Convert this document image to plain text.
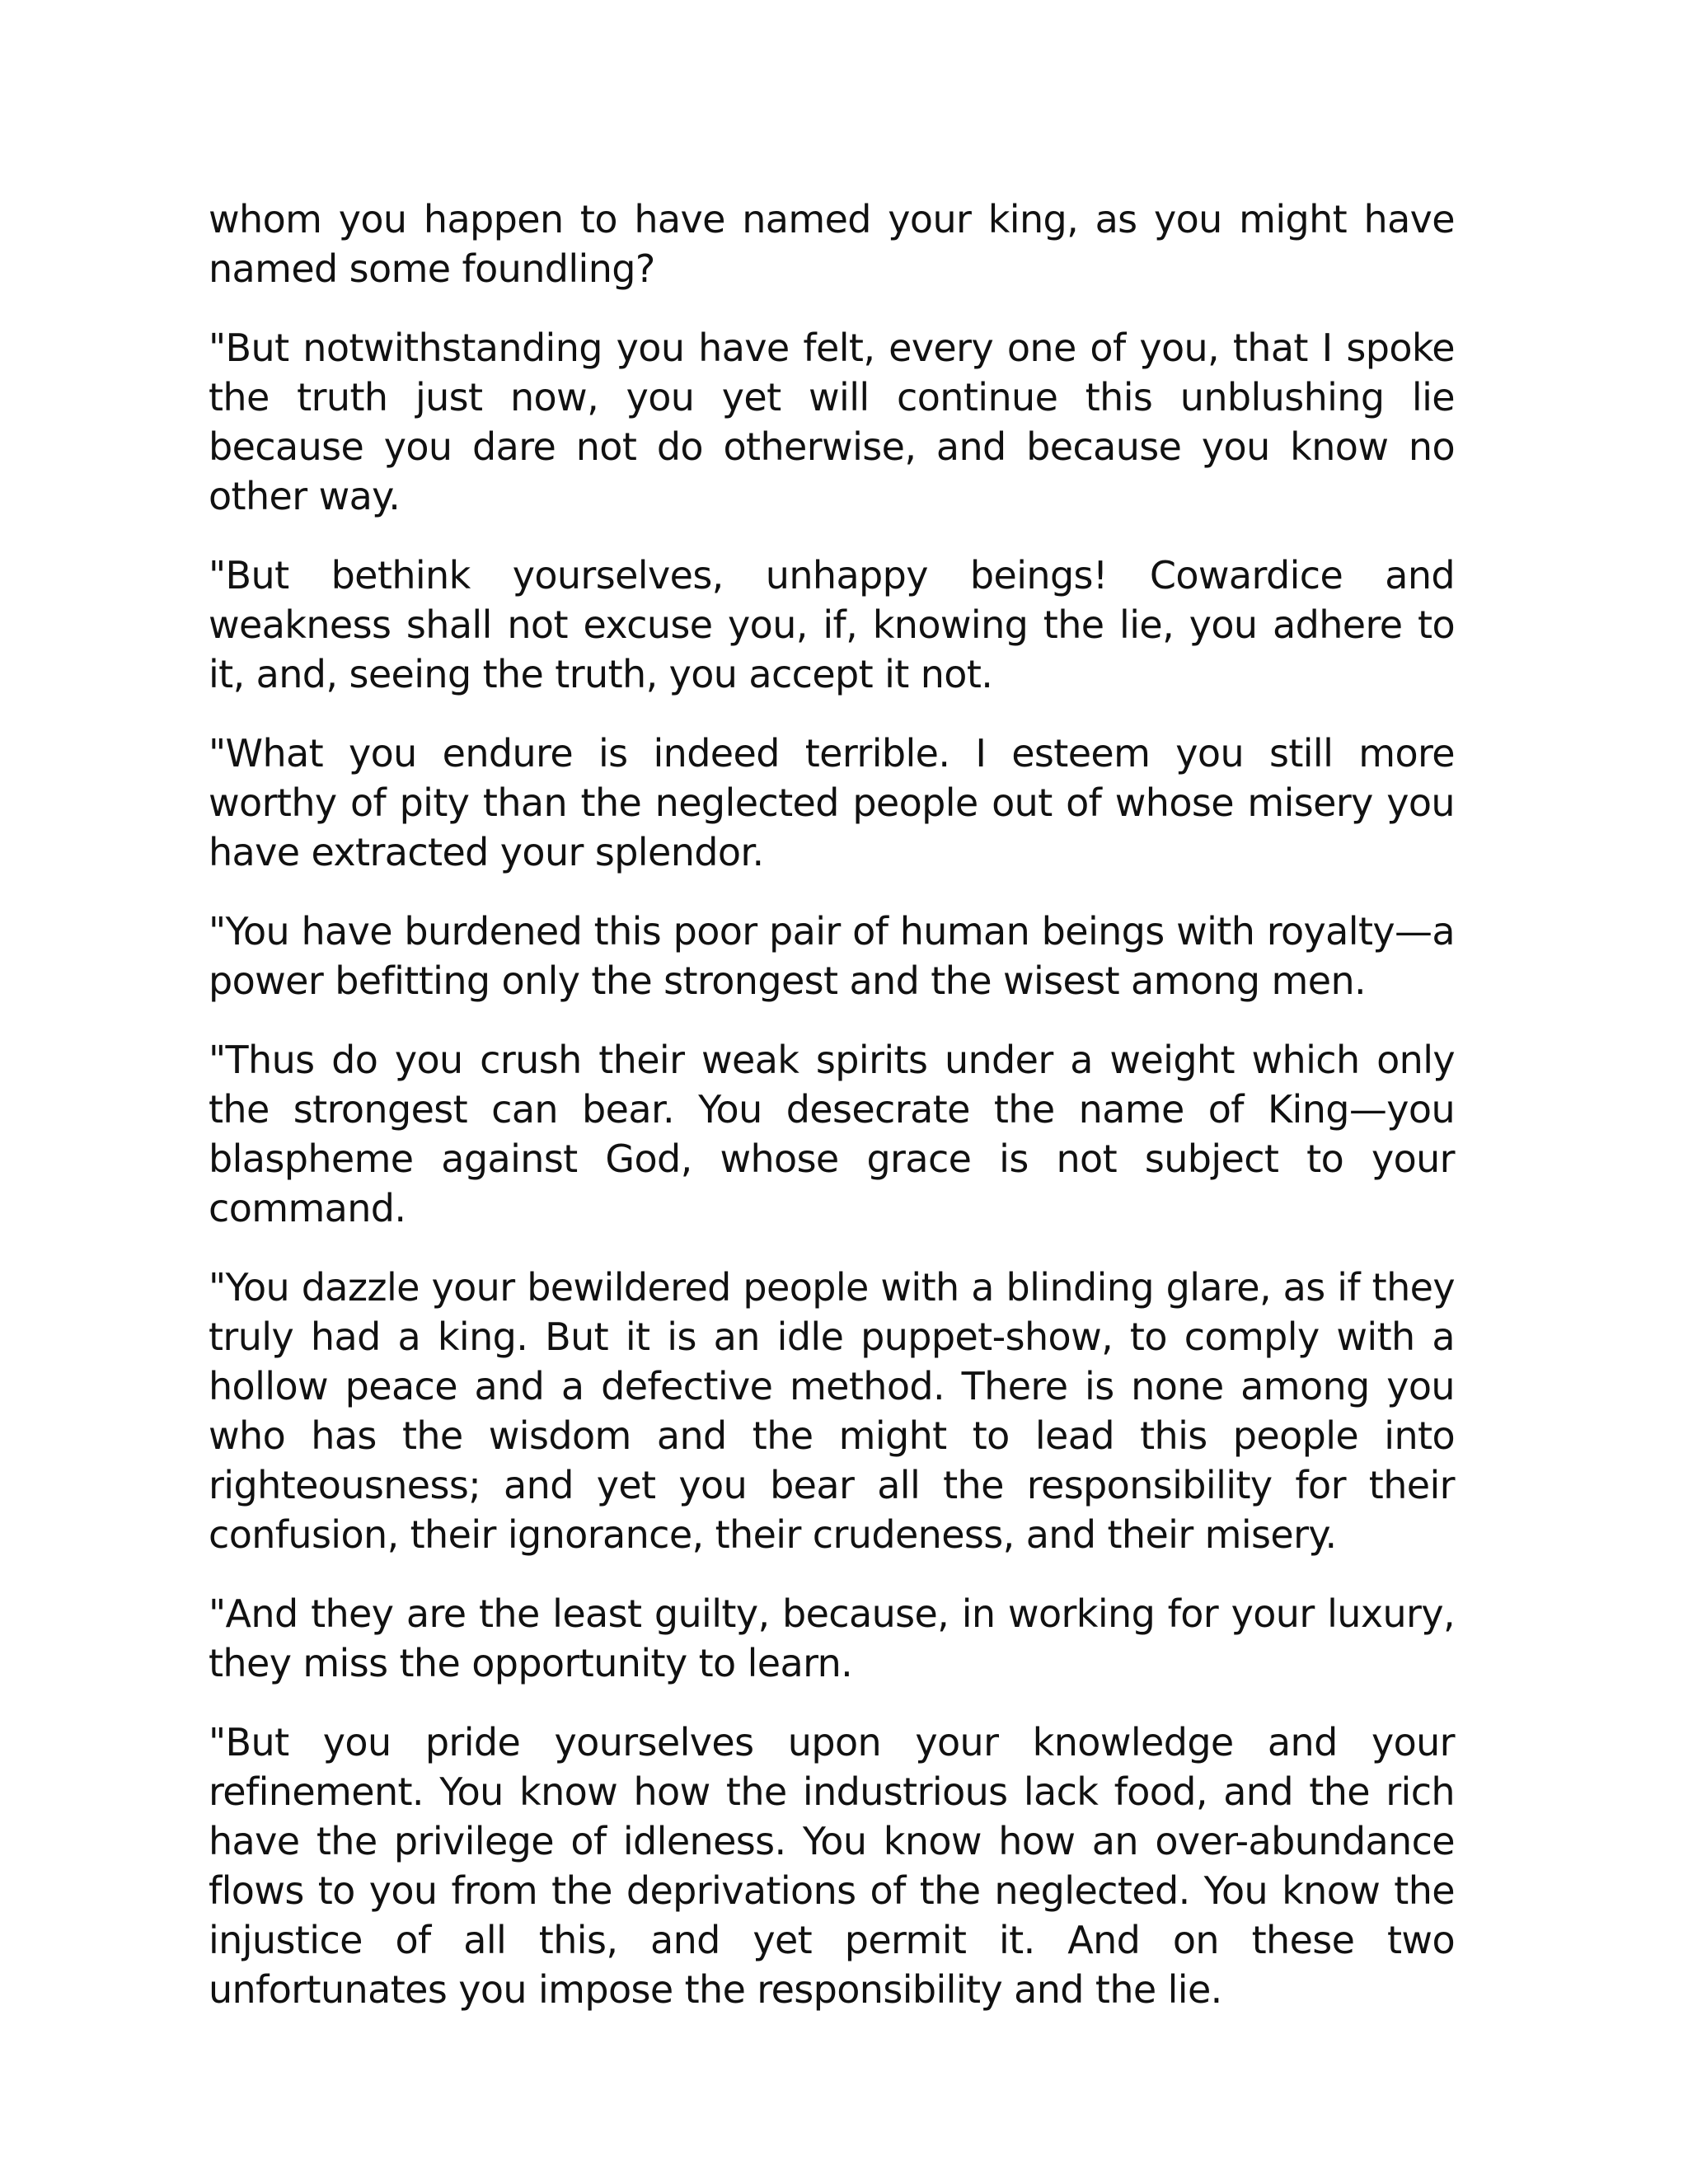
whom you happen to have named your king, as you might have named some foundling?

"But notwithstanding you have felt, every one of you, that I spoke the truth just now, you yet will continue this unblushing lie because you dare not do otherwise, and because you know no other way.

"But bethink yourselves, unhappy beings! Cowardice and weakness shall not excuse you, if, knowing the lie, you adhere to it, and, seeing the truth, you accept it not.

"What you endure is indeed terrible. I esteem you still more worthy of pity than the neglected people out of whose misery you have extracted your splendor.

"You have burdened this poor pair of human beings with royalty—a power befitting only the strongest and the wisest among men.

"Thus do you crush their weak spirits under a weight which only the strongest can bear. You desecrate the name of King—you blaspheme against God, whose grace is not subject to your command.

"You dazzle your bewildered people with a blinding glare, as if they truly had a king. But it is an idle puppet-show, to comply with a hollow peace and a defective method. There is none among you who has the wisdom and the might to lead this people into righteousness; and yet you bear all the responsibility for their confusion, their ignorance, their crudeness, and their misery.

"And they are the least guilty, because, in working for your luxury, they miss the opportunity to learn.

"But you pride yourselves upon your knowledge and your refinement. You know how the industrious lack food, and the rich have the privilege of idleness. You know how an over-abundance flows to you from the deprivations of the neglected. You know the injustice of all this, and yet permit it. And on these two unfortunates you impose the responsibility and the lie.
